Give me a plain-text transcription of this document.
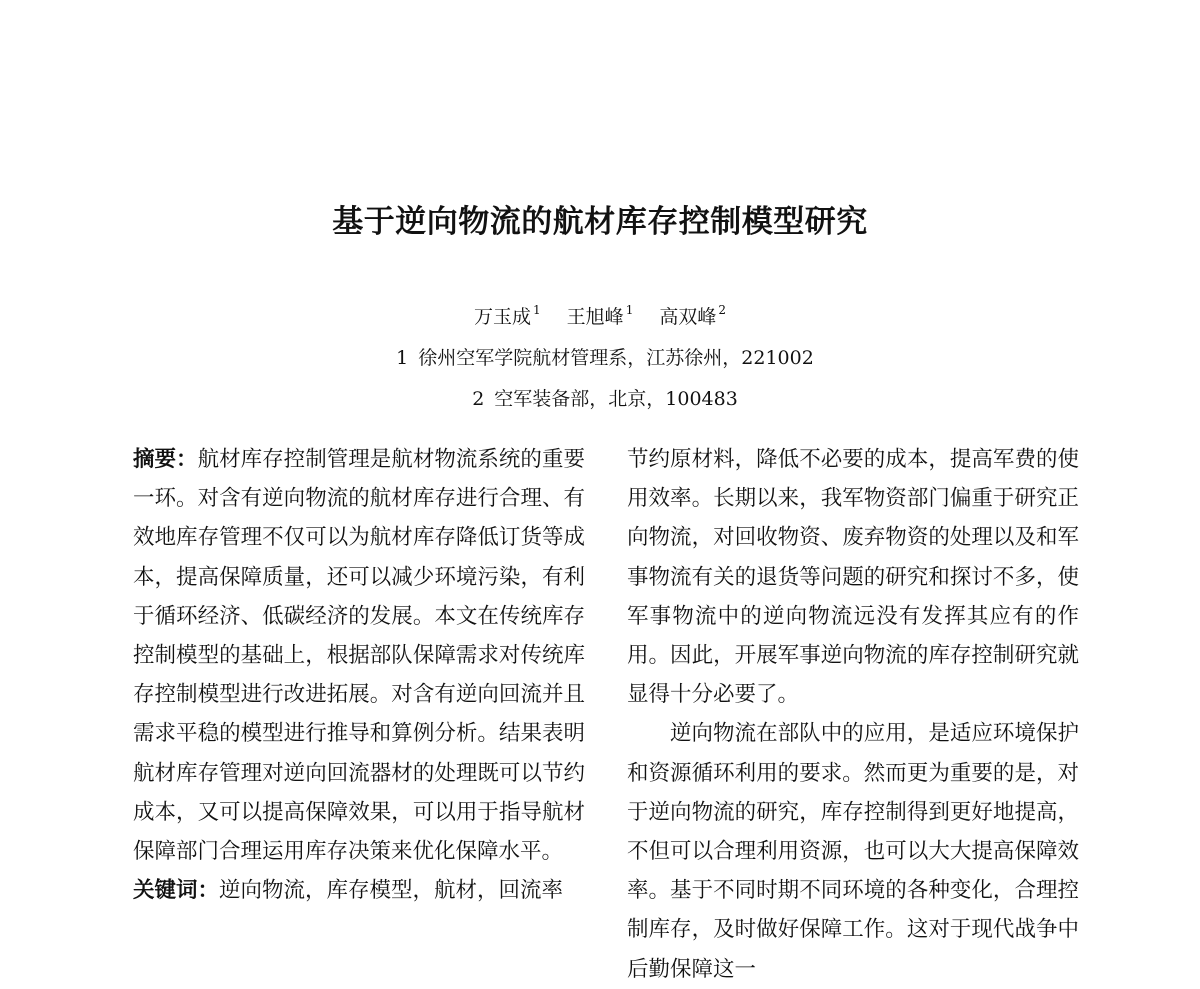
基于逆向物流的航材库存控制模型研究
万玉成 $^1$ 王旭峰 $^1$ 高双峰 $^2$
1 徐州空军学院航材管理系，江苏徐州，221002
2 空军装备部，北京，100483

摘要：航材库存控制管理是航材物流系统的重要一环。对含有逆向物流的航材库存进行合理、有效地库存管理不仅可以为航材库存降低订货等成本，提高保障质量，还可以减少环境污染，有利于循环经济、低碳经济的发展。本文在传统库存控制模型的基础上，根据部队保障需求对传统库存控制模型进行改进拓展。对含有逆向回流并且需求平稳的模型进行推导和算例分析。结果表明航材库存管理对逆向回流器材的处理既可以节约成本，又可以提高保障效果，可以用于指导航材保障部门合理运用库存决策来优化保障水平。

关键词：逆向物流，库存模型，航材，回流率

节约原材料，降低不必要的成本，提高军费的使用效率。长期以来，我军物资部门偏重于研究正向物流，对回收物资、废弃物资的处理以及和军事物流有关的退货等问题的研究和探讨不多，使军事物流中的逆向物流远没有发挥其应有的作用。因此，开展军事逆向物流的库存控制研究就显得十分必要了。

逆向物流在部队中的应用，是适应环境保护和资源循环利用的要求。然而更为重要的是，对于逆向物流的研究，库存控制得到更好地提高，不但可以合理利用资源，也可以大大提高保障效率。基于不同时期不同环境的各种变化，合理控制库存，及时做好保障工作。这对于现代战争中后勤保障这一
